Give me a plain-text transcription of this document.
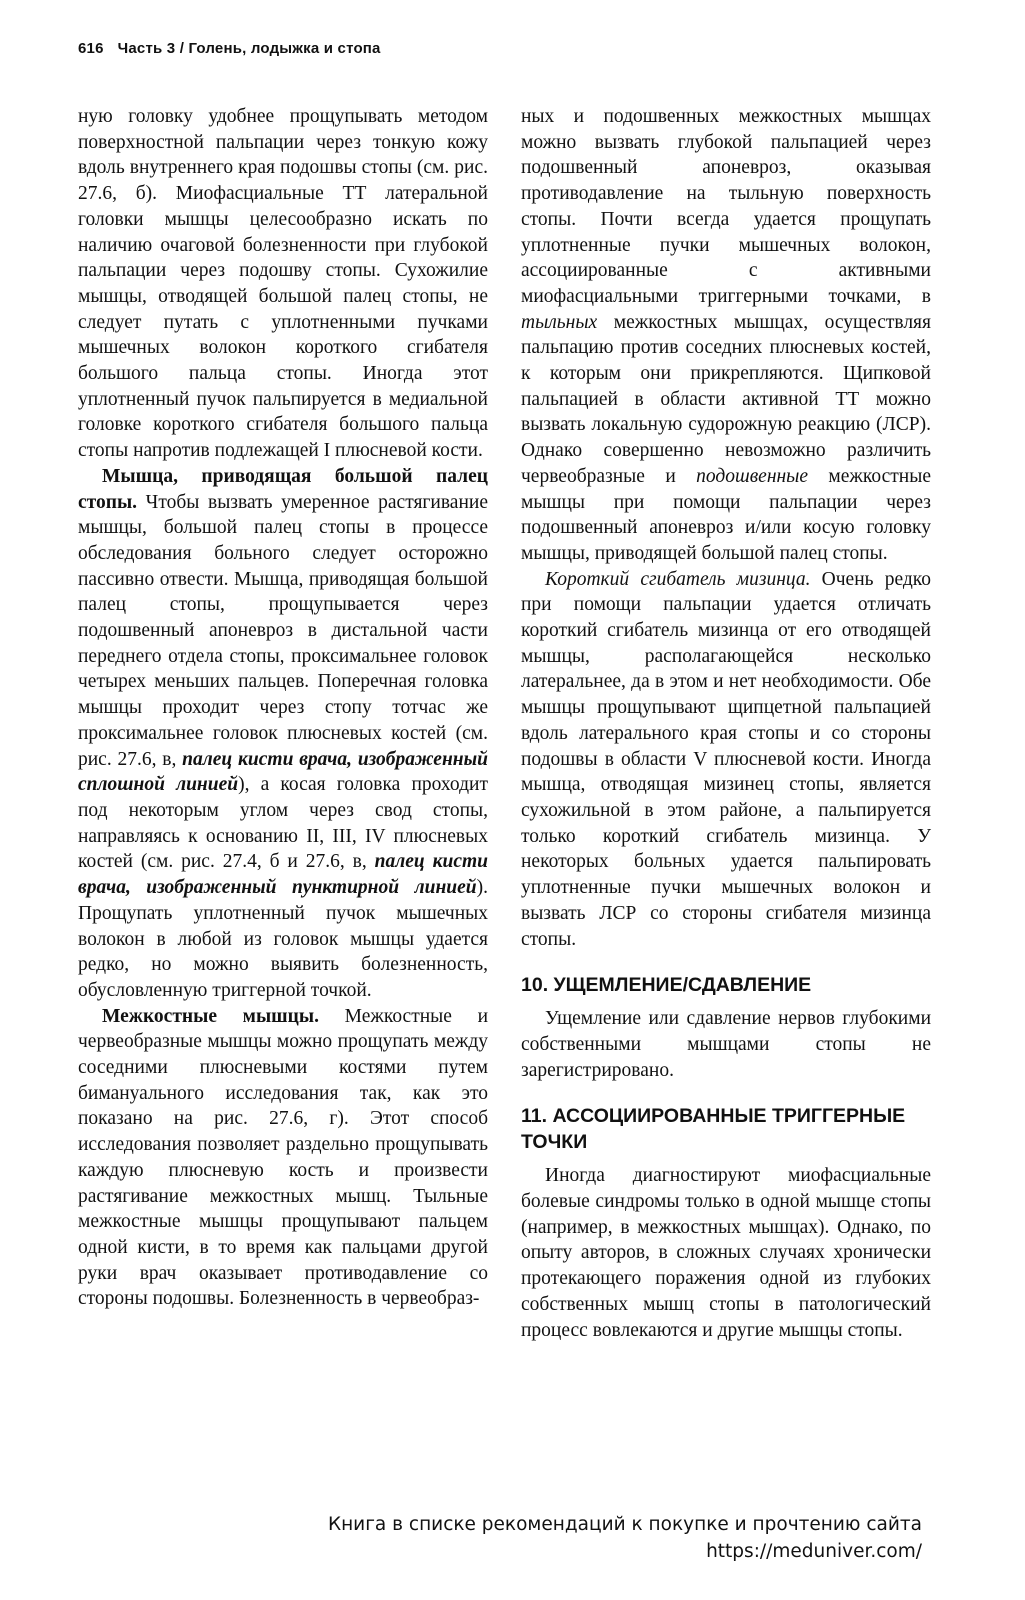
616 Часть 3 / Голень, лодыжка и стопа

ную головку удобнее прощупывать методом поверхностной пальпации через тонкую кожу вдоль внутреннего края подошвы стопы (см. рис. 27.6, б). Миофасциальные ТТ латеральной головки мышцы целесообразно искать по наличию очаговой болезненности при глубокой пальпации через подошву стопы. Сухожилие мышцы, отводящей большой палец стопы, не следует путать с уплотненными пучками мышечных волокон короткого сгибателя большого пальца стопы. Иногда этот уплотненный пучок пальпируется в медиальной головке короткого сгибателя большого пальца стопы напротив подлежащей I плюсневой кости.

Мышца, приводящая большой палец стопы. Чтобы вызвать умеренное растягивание мышцы, большой палец стопы в процессе обследования больного следует осторожно пассивно отвести. Мышца, приводящая большой палец стопы, прощупывается через подошвенный апоневроз в дистальной части переднего отдела стопы, проксимальнее головок четырех меньших пальцев. Поперечная головка мышцы проходит через стопу тотчас же проксимальнее головок плюсневых костей (см. рис. 27.6, в, палец кисти врача, изображенный сплошной линией), а косая головка проходит под некоторым углом через свод стопы, направляясь к основанию II, III, IV плюсневых костей (см. рис. 27.4, б и 27.6, в, палец кисти врача, изображенный пунктирной линией). Прощупать уплотненный пучок мышечных волокон в любой из головок мышцы удается редко, но можно выявить болезненность, обусловленную триггерной точкой.

Межкостные мышцы. Межкостные и червеобразные мышцы можно прощупать между соседними плюсневыми костями путем бимануального исследования так, как это показано на рис. 27.6, г). Этот способ исследования позволяет раздельно прощупывать каждую плюсневую кость и произвести растягивание межкостных мышц. Тыльные межкостные мышцы прощупывают пальцем одной кисти, в то время как пальцами другой руки врач оказывает противодавление со стороны подошвы. Болезненность в червеобраз-

ных и подошвенных межкостных мышцах можно вызвать глубокой пальпацией через подошвенный апоневроз, оказывая противодавление на тыльную поверхность стопы. Почти всегда удается прощупать уплотненные пучки мышечных волокон, ассоциированные с активными миофасциальными триггерными точками, в тыльных межкостных мышцах, осуществляя пальпацию против соседних плюсневых костей, к которым они прикрепляются. Щипковой пальпацией в области активной ТТ можно вызвать локальную судорожную реакцию (ЛСР). Однако совершенно невозможно различить червеобразные и подошвенные межкостные мышцы при помощи пальпации через подошвенный апоневроз и/или косую головку мышцы, приводящей большой палец стопы.

Короткий сгибатель мизинца. Очень редко при помощи пальпации удается отличать короткий сгибатель мизинца от его отводящей мышцы, располагающейся несколько латеральнее, да в этом и нет необходимости. Обе мышцы прощупывают щипцетной пальпацией вдоль латерального края стопы и со стороны подошвы в области V плюсневой кости. Иногда мышца, отводящая мизинец стопы, является сухожильной в этом районе, а пальпируется только короткий сгибатель мизинца. У некоторых больных удается пальпировать уплотненные пучки мышечных волокон и вызвать ЛСР со стороны сгибателя мизинца стопы.

10. УЩЕМЛЕНИЕ/СДАВЛЕНИЕ

Ущемление или сдавление нервов глубокими собственными мышцами стопы не зарегистрировано.

11. АССОЦИИРОВАННЫЕ ТРИГГЕРНЫЕ ТОЧКИ

Иногда диагностируют миофасциальные болевые синдромы только в одной мышце стопы (например, в межкостных мышцах). Однако, по опыту авторов, в сложных случаях хронически протекающего поражения одной из глубоких собственных мышц стопы в патологический процесс вовлекаются и другие мышцы стопы.

Книга в списке рекомендаций к покупке и прочтению сайта https://meduniver.com/
